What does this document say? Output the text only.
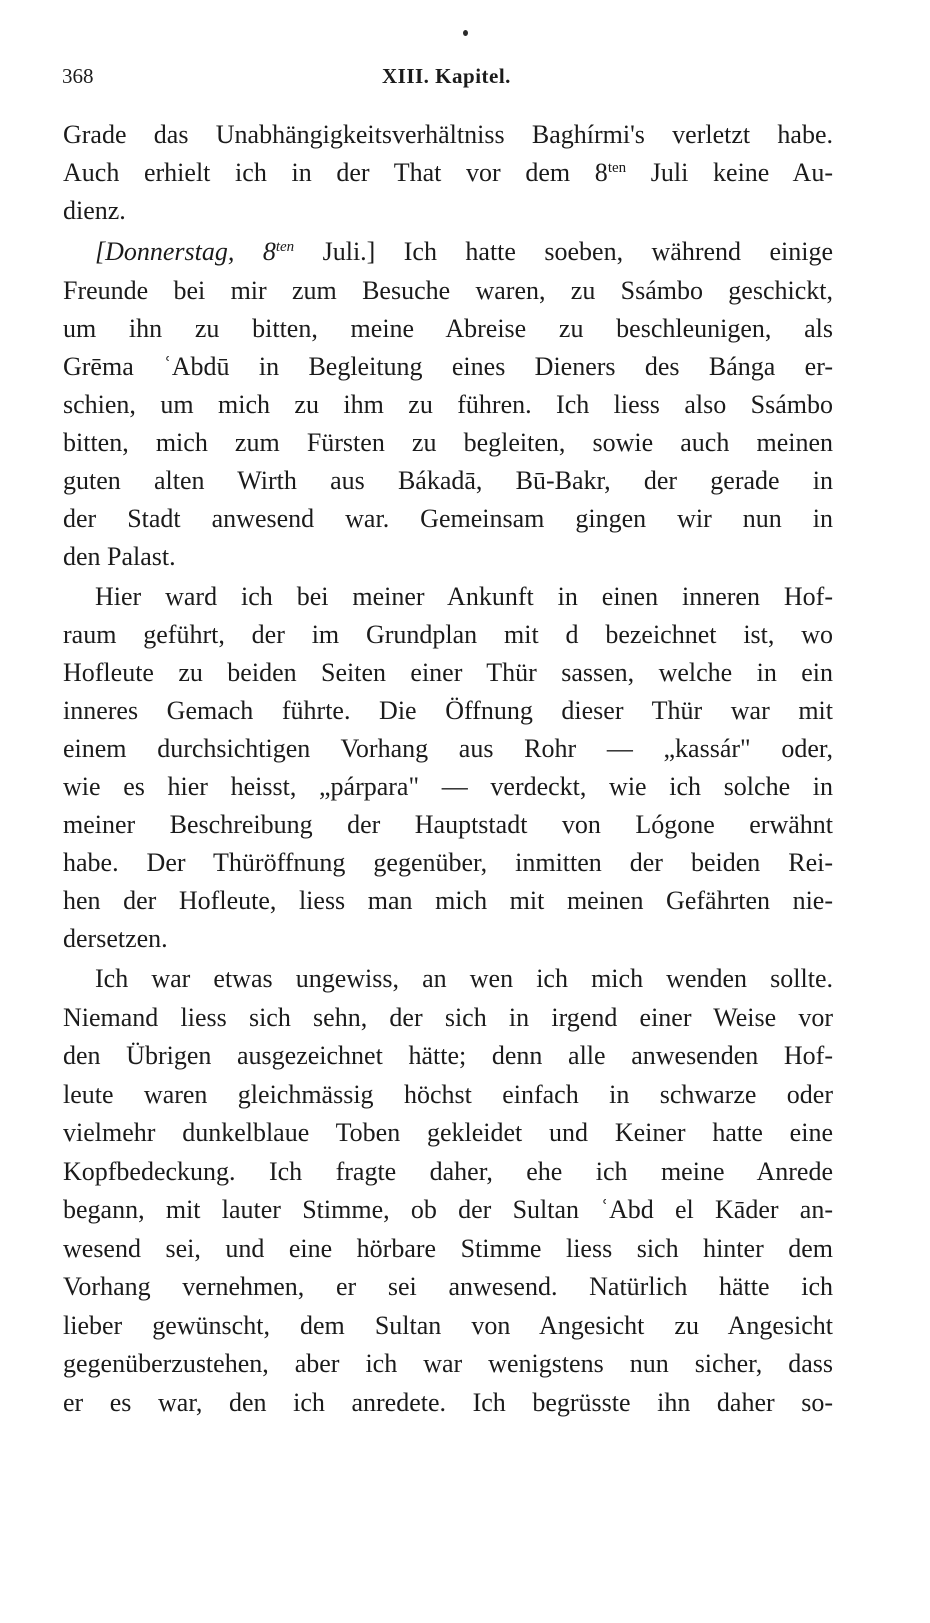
368	XIII. Kapitel.
Grade das Unabhängigkeitsverhältniss Baghírmi's verletzt habe.
Auch erhielt ich in der That vor dem $8^{ten}$ Juli keine Au-
dienz.
[Donnerstag, $8^{ten}$ Juli.] Ich hatte soeben, während einige
Freunde bei mir zum Besuche waren, zu Ssámbo geschickt,
um ihn zu bitten, meine Abreise zu beschleunigen, als
Grēma ʿAbdū in Begleitung eines Dieners des Bánga er-
schien, um mich zu ihm zu führen. Ich liess also Ssámbo
bitten, mich zum Fürsten zu begleiten, sowie auch meinen
guten alten Wirth aus Bákadā, Bū-Bakr, der gerade in
der Stadt anwesend war. Gemeinsam gingen wir nun in
den Palast.
Hier ward ich bei meiner Ankunft in einen inneren Hof-
raum geführt, der im Grundplan mit d bezeichnet ist, wo
Hofleute zu beiden Seiten einer Thür sassen, welche in ein
inneres Gemach führte. Die Öffnung dieser Thür war mit
einem durchsichtigen Vorhang aus Rohr — „kassár" oder,
wie es hier heisst, „párpara" — verdeckt, wie ich solche in
meiner Beschreibung der Hauptstadt von Lógone erwähnt
habe. Der Thüröffnung gegenüber, inmitten der beiden Rei-
hen der Hofleute, liess man mich mit meinen Gefährten nie-
dersetzen.
Ich war etwas ungewiss, an wen ich mich wenden sollte.
Niemand liess sich sehn, der sich in irgend einer Weise vor
den Übrigen ausgezeichnet hätte; denn alle anwesenden Hof-
leute waren gleichmässig höchst einfach in schwarze oder
vielmehr dunkelblaue Toben gekleidet und Keiner hatte eine
Kopfbedeckung. Ich fragte daher, ehe ich meine Anrede
begann, mit lauter Stimme, ob der Sultan ʿAbd el Kāder an-
wesend sei, und eine hörbare Stimme liess sich hinter dem
Vorhang vernehmen, er sei anwesend. Natürlich hätte ich
lieber gewünscht, dem Sultan von Angesicht zu Angesicht
gegenüberzustehen, aber ich war wenigstens nun sicher, dass
er es war, den ich anredete. Ich begrüsste ihn daher so-
